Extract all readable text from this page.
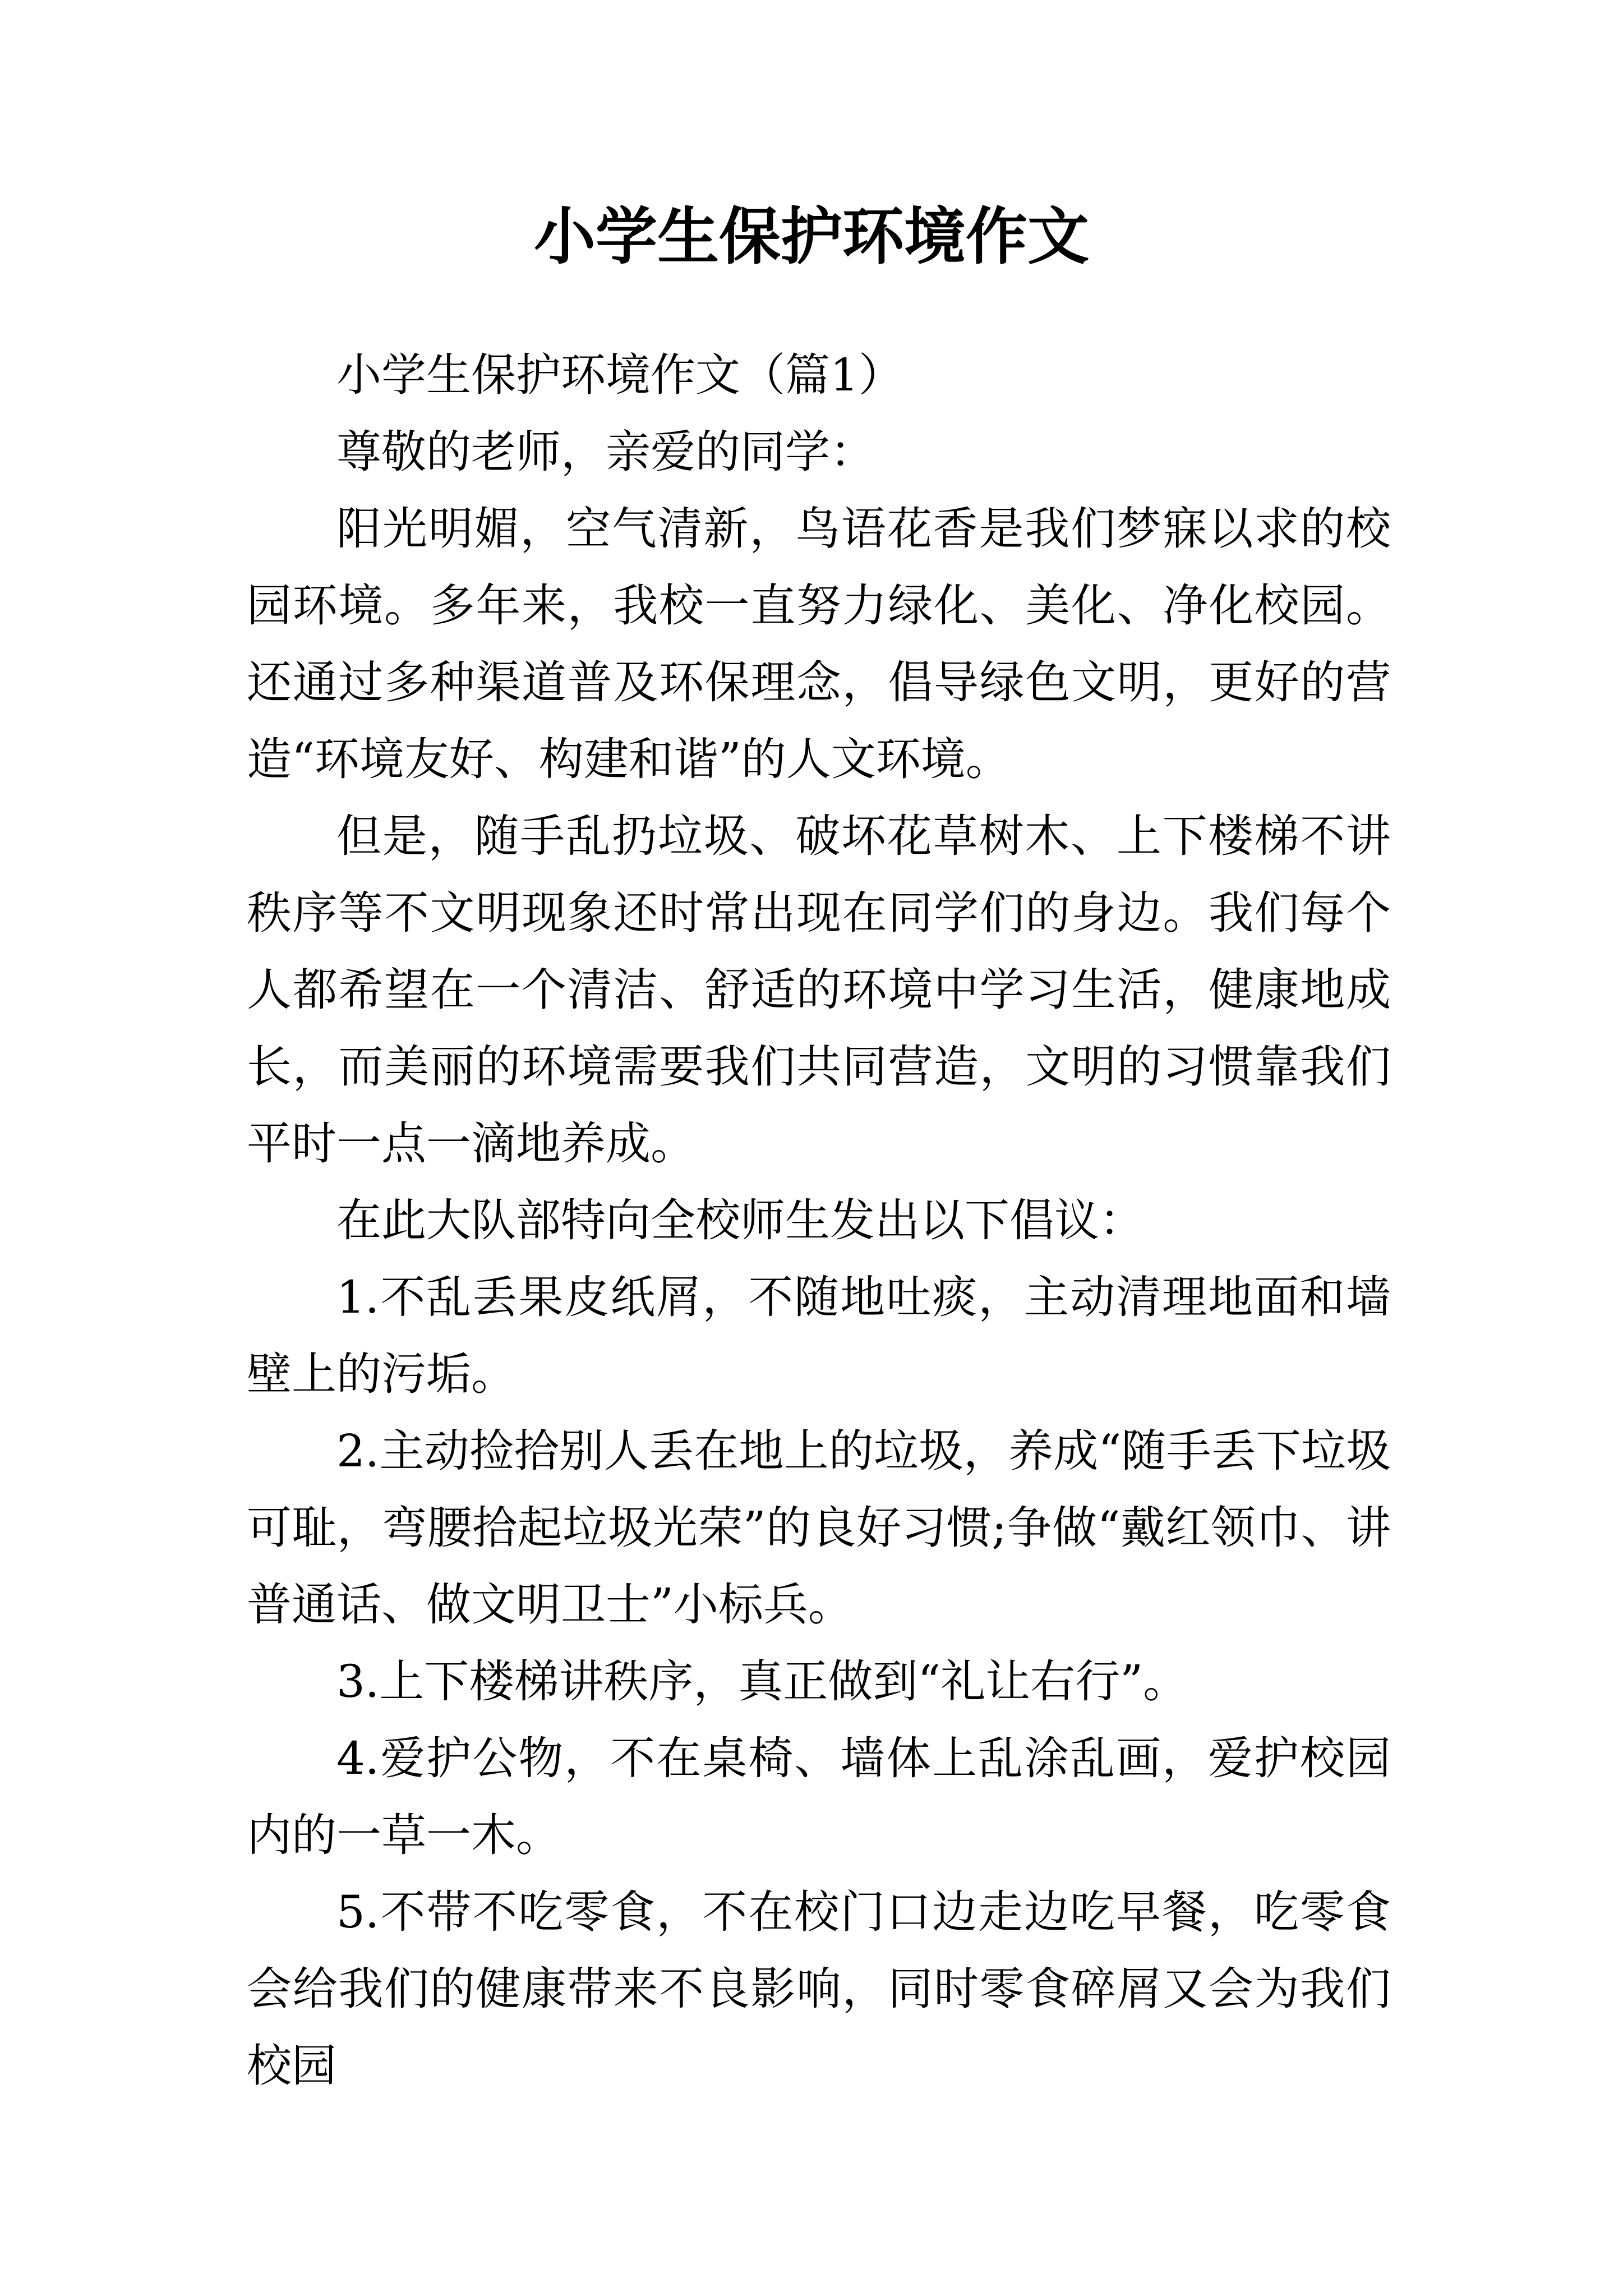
小学生保护环境作文

小学生保护环境作文（篇1）

尊敬的老师，亲爱的同学：

阳光明媚，空气清新，鸟语花香是我们梦寐以求的校园环境。多年来，我校一直努力绿化、美化、净化校园。还通过多种渠道普及环保理念，倡导绿色文明，更好的营造“环境友好、构建和谐”的人文环境。

但是，随手乱扔垃圾、破坏花草树木、上下楼梯不讲秩序等不文明现象还时常出现在同学们的身边。我们每个人都希望在一个清洁、舒适的环境中学习生活，健康地成长，而美丽的环境需要我们共同营造，文明的习惯靠我们平时一点一滴地养成。

在此大队部特向全校师生发出以下倡议：

1.不乱丢果皮纸屑，不随地吐痰，主动清理地面和墙壁上的污垢。

2.主动捡拾别人丢在地上的垃圾，养成“随手丢下垃圾可耻，弯腰拾起垃圾光荣”的良好习惯;争做“戴红领巾、讲普通话、做文明卫士”小标兵。

3.上下楼梯讲秩序，真正做到“礼让右行”。

4.爱护公物，不在桌椅、墙体上乱涂乱画，爱护校园内的一草一木。

5.不带不吃零食，不在校门口边走边吃早餐，吃零食会给我们的健康带来不良影响，同时零食碎屑又会为我们校园
